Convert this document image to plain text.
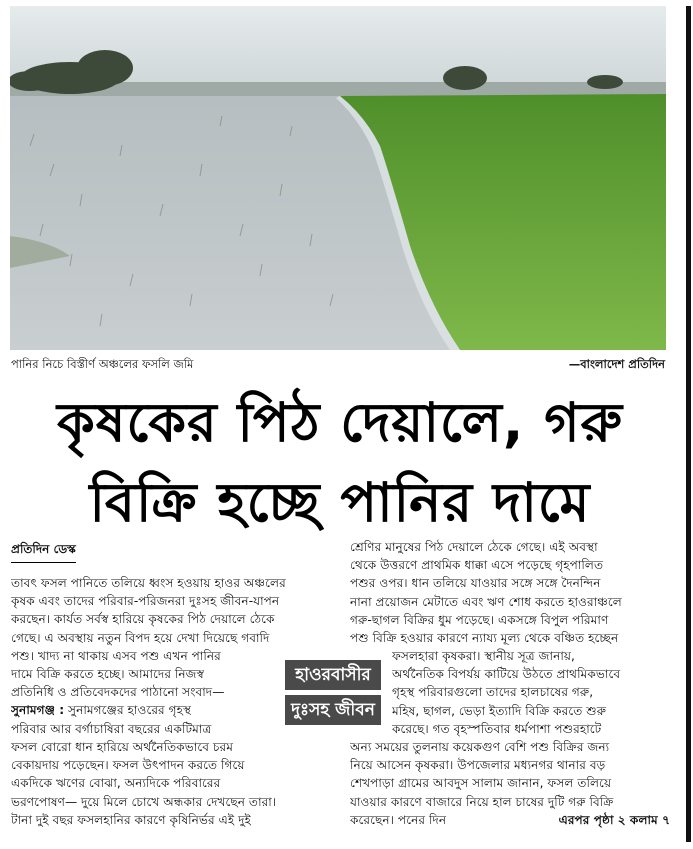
পানির নিচে বিস্তীর্ণ অঞ্চলের ফসলি জমি	—বাংলাদেশ প্রতিদিন
কৃষকের পিঠ দেয়ালে, গরু
বিক্রি হচ্ছে পানির দামে
প্রতিদিন ডেস্ক

তাবৎ ফসল পানিতে তলিয়ে ধ্বংস হওয়ায় হাওর অঞ্চলের

কৃষক এবং তাদের পরিবার-পরিজনরা দুঃসহ জীবন-যাপন

করছেন। কার্যত সর্বস্ব হারিয়ে কৃষকের পিঠ দেয়ালে ঠেকে

গেছে। এ অবস্থায় নতুন বিপদ হয়ে দেখা দিয়েছে গবাদি

পশু। খাদ্য না থাকায় এসব পশু এখন পানির

দামে বিক্রি করতে হচ্ছে। আমাদের নিজস্ব

প্রতিনিধি ও প্রতিবেদকদের পাঠানো সংবাদ—

সুনামগঞ্জ : সুনামগঞ্জের হাওরের গৃহস্থ

পরিবার আর বর্গাচাষিরা বছরের একটিমাত্র

ফসল বোরো ধান হারিয়ে অর্থনৈতিকভাবে চরম

বেকায়দায় পড়েছেন। ফসল উৎপাদন করতে গিয়ে

একদিকে ঋণের বোঝা, অন্যদিকে পরিবারের

ভরণপোষণ— দুয়ে মিলে চোখে অন্ধকার দেখছেন তারা।

টানা দুই বছর ফসলহানির কারণে কৃষিনির্ভর এই দুই

হাওরবাসীর
দুঃসহ জীবন

শ্রেণির মানুষের পিঠ দেয়ালে ঠেকে গেছে। এই অবস্থা

থেকে উত্তরণে প্রাথমিক ধাক্কা এসে পড়েছে গৃহপালিত

পশুর ওপর। ধান তলিয়ে যাওয়ার সঙ্গে সঙ্গে দৈনন্দিন

নানা প্রয়োজন মেটাতে এবং ঋণ শোধ করতে হাওরাঞ্চলে

গরু-ছাগল বিক্রির ধুম পড়েছে। একসঙ্গে বিপুল পরিমাণ

পশু বিক্রি হওয়ার কারণে ন্যায্য মূল্য থেকে বঞ্চিত হচ্ছেন

ফসলহারা কৃষকরা। স্থানীয় সূত্র জানায়,

অর্থনৈতিক বিপর্যয় কাটিয়ে উঠতে প্রাথমিকভাবে

গৃহস্থ পরিবারগুলো তাদের হালচাষের গরু,

মহিষ, ছাগল, ভেড়া ইত্যাদি বিক্রি করতে শুরু

করেছে। গত বৃহস্পতিবার ধর্মপাশা পশুরহাটে

অন্য সময়ের তুলনায় কয়েকগুণ বেশি পশু বিক্রির জন্য

নিয়ে আসেন কৃষকরা। উপজেলার মধ্যনগর থানার বড়

শেখপাড়া গ্রামের আবদুস সালাম জানান, ফসল তলিয়ে

যাওয়ার কারণে বাজারে নিয়ে হাল চাষের দুটি গরু বিক্রি

করেছেন। পনের দিন	এরপর পৃষ্ঠা ২ কলাম ৭
